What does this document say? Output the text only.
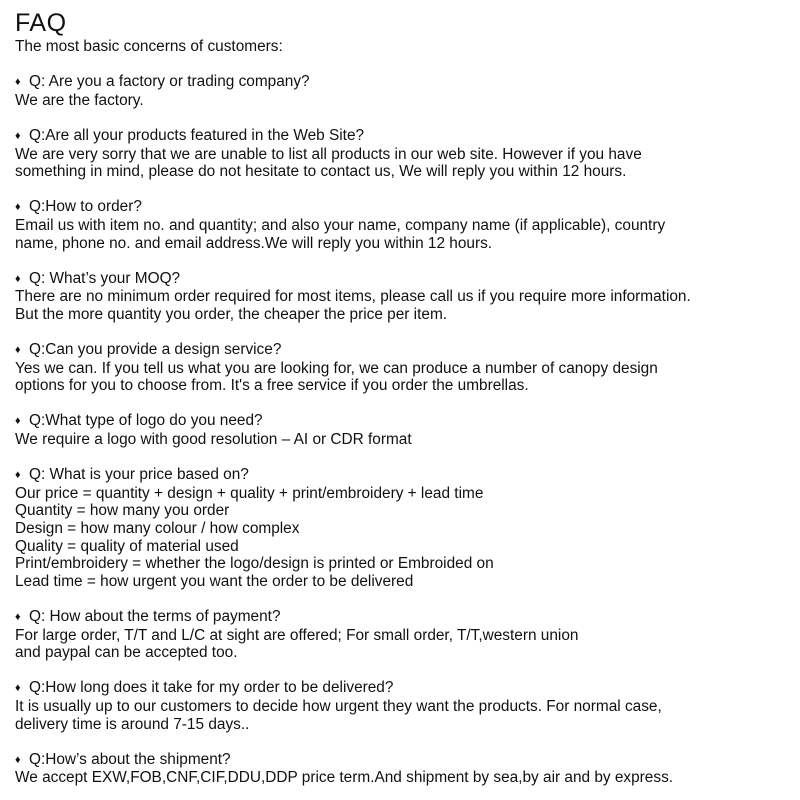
FAQ

The most basic concerns of customers:

♦ Q: Are you a factory or trading company?

We are the factory.

♦ Q:Are all your products featured in the Web Site?

We are very sorry that we are unable to list all products in our web site. However if you have

something in mind, please do not hesitate to contact us, We will reply you within 12 hours.

♦ Q:How to order?

Email us with item no. and quantity; and also your name, company name (if applicable), country

name, phone no. and email address.We will reply you within 12 hours.

♦ Q: What’s your MOQ?

There are no minimum order required for most items, please call us if you require more information.

But the more quantity you order, the cheaper the price per item.

♦ Q:Can you provide a design service?

Yes we can. If you tell us what you are looking for, we can produce a number of canopy design

options for you to choose from. It's a free service if you order the umbrellas.

♦ Q:What type of logo do you need?

We require a logo with good resolution – AI or CDR format

♦ Q: What is your price based on?

Our price = quantity + design + quality + print/embroidery + lead time

Quantity = how many you order

Design = how many colour / how complex

Quality = quality of material used

Print/embroidery = whether the logo/design is printed or Embroided on

Lead time = how urgent you want the order to be delivered

♦ Q: How about the terms of payment?

For large order, T/T and L/C at sight are offered; For small order, T/T,western union

and paypal can be accepted too.

♦ Q:How long does it take for my order to be delivered?

It is usually up to our customers to decide how urgent they want the products. For normal case,

delivery time is around 7-15 days..

♦ Q:How’s about the shipment?

We accept EXW,FOB,CNF,CIF,DDU,DDP price term.And shipment by sea,by air and by express.
